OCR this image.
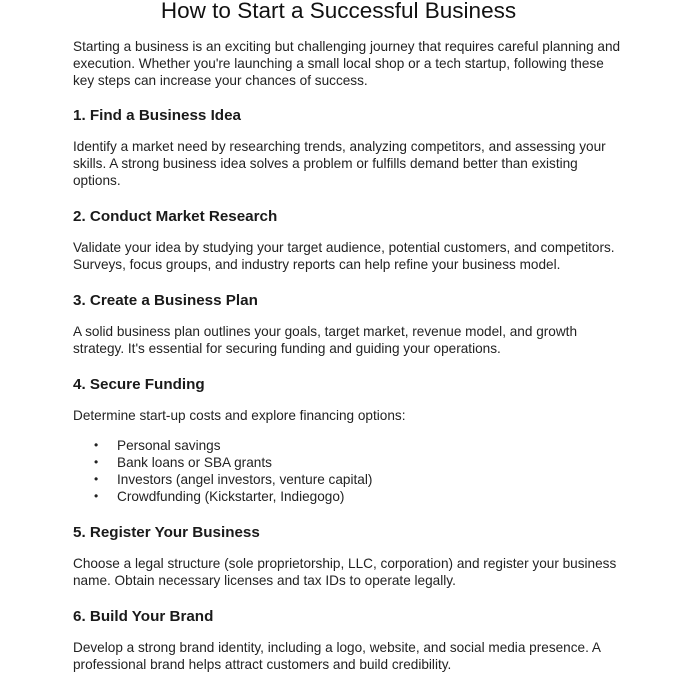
How to Start a Successful Business

Starting a business is an exciting but challenging journey that requires careful planning and execution. Whether you're launching a small local shop or a tech startup, following these key steps can increase your chances of success.

1. Find a Business Idea

Identify a market need by researching trends, analyzing competitors, and assessing your skills. A strong business idea solves a problem or fulfills demand better than existing options.

2. Conduct Market Research

Validate your idea by studying your target audience, potential customers, and competitors. Surveys, focus groups, and industry reports can help refine your business model.

3. Create a Business Plan

A solid business plan outlines your goals, target market, revenue model, and growth strategy. It's essential for securing funding and guiding your operations.

4. Secure Funding

Determine start-up costs and explore financing options:

• Personal savings
• Bank loans or SBA grants
• Investors (angel investors, venture capital)
• Crowdfunding (Kickstarter, Indiegogo)
5. Register Your Business

Choose a legal structure (sole proprietorship, LLC, corporation) and register your business name. Obtain necessary licenses and tax IDs to operate legally.

6. Build Your Brand

Develop a strong brand identity, including a logo, website, and social media presence. A professional brand helps attract customers and build credibility.
